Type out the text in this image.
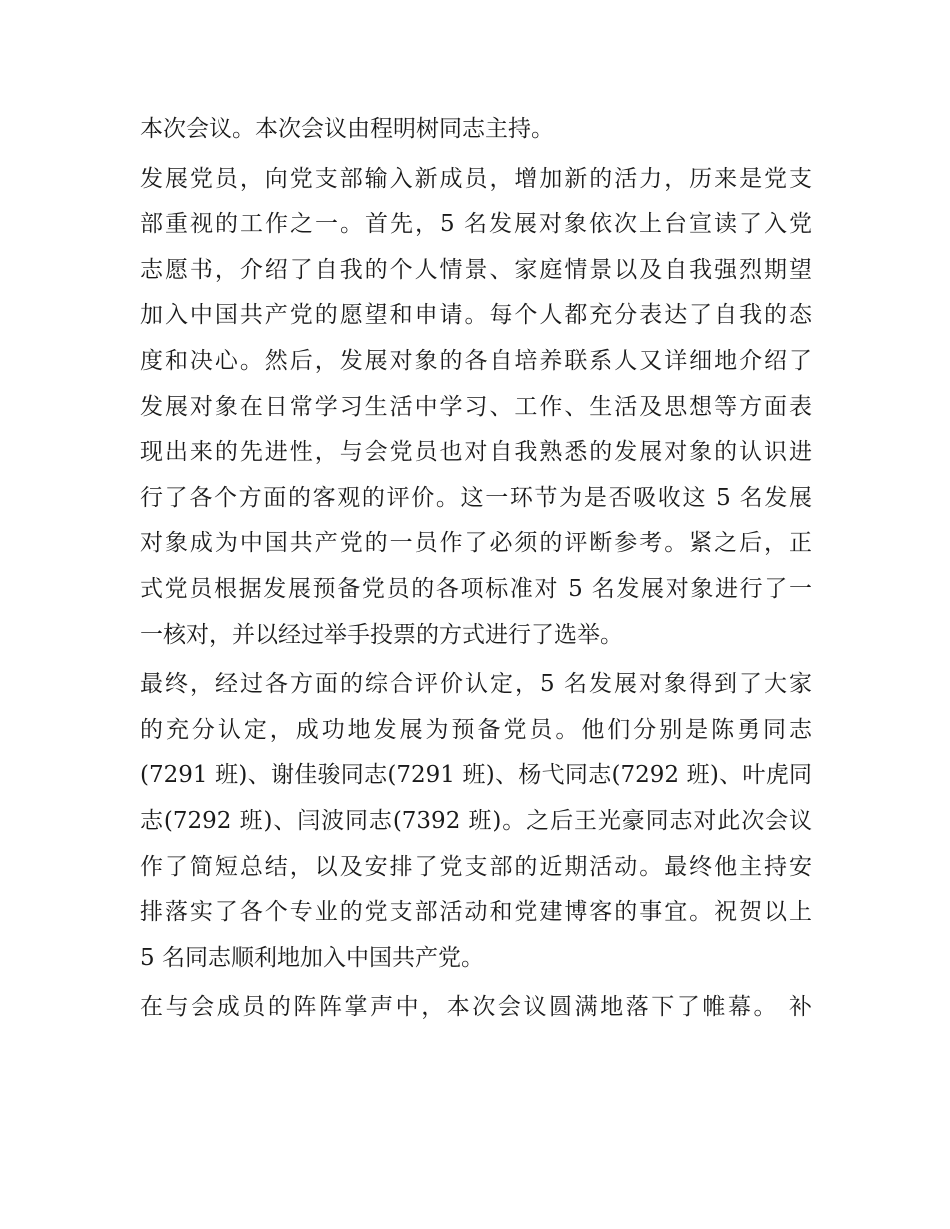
本次会议。本次会议由程明树同志主持。
发展党员，向党支部输入新成员，增加新的活力，历来是党支
部重视的工作之一。首先，5 名发展对象依次上台宣读了入党
志愿书，介绍了自我的个人情景、家庭情景以及自我强烈期望
加入中国共产党的愿望和申请。每个人都充分表达了自我的态
度和决心。然后，发展对象的各自培养联系人又详细地介绍了
发展对象在日常学习生活中学习、工作、生活及思想等方面表
现出来的先进性，与会党员也对自我熟悉的发展对象的认识进
行了各个方面的客观的评价。这一环节为是否吸收这 5 名发展
对象成为中国共产党的一员作了必须的评断参考。紧之后，正
式党员根据发展预备党员的各项标准对 5 名发展对象进行了一
一核对，并以经过举手投票的方式进行了选举。
最终，经过各方面的综合评价认定，5 名发展对象得到了大家
的充分认定，成功地发展为预备党员。他们分别是陈勇同志
(7291 班)、谢佳骏同志(7291 班)、杨弋同志(7292 班)、叶虎同
志(7292 班)、闫波同志(7392 班)。之后王光豪同志对此次会议
作了简短总结，以及安排了党支部的近期活动。最终他主持安
排落实了各个专业的党支部活动和党建博客的事宜。祝贺以上
5 名同志顺利地加入中国共产党。
在与会成员的阵阵掌声中，本次会议圆满地落下了帷幕。 补
